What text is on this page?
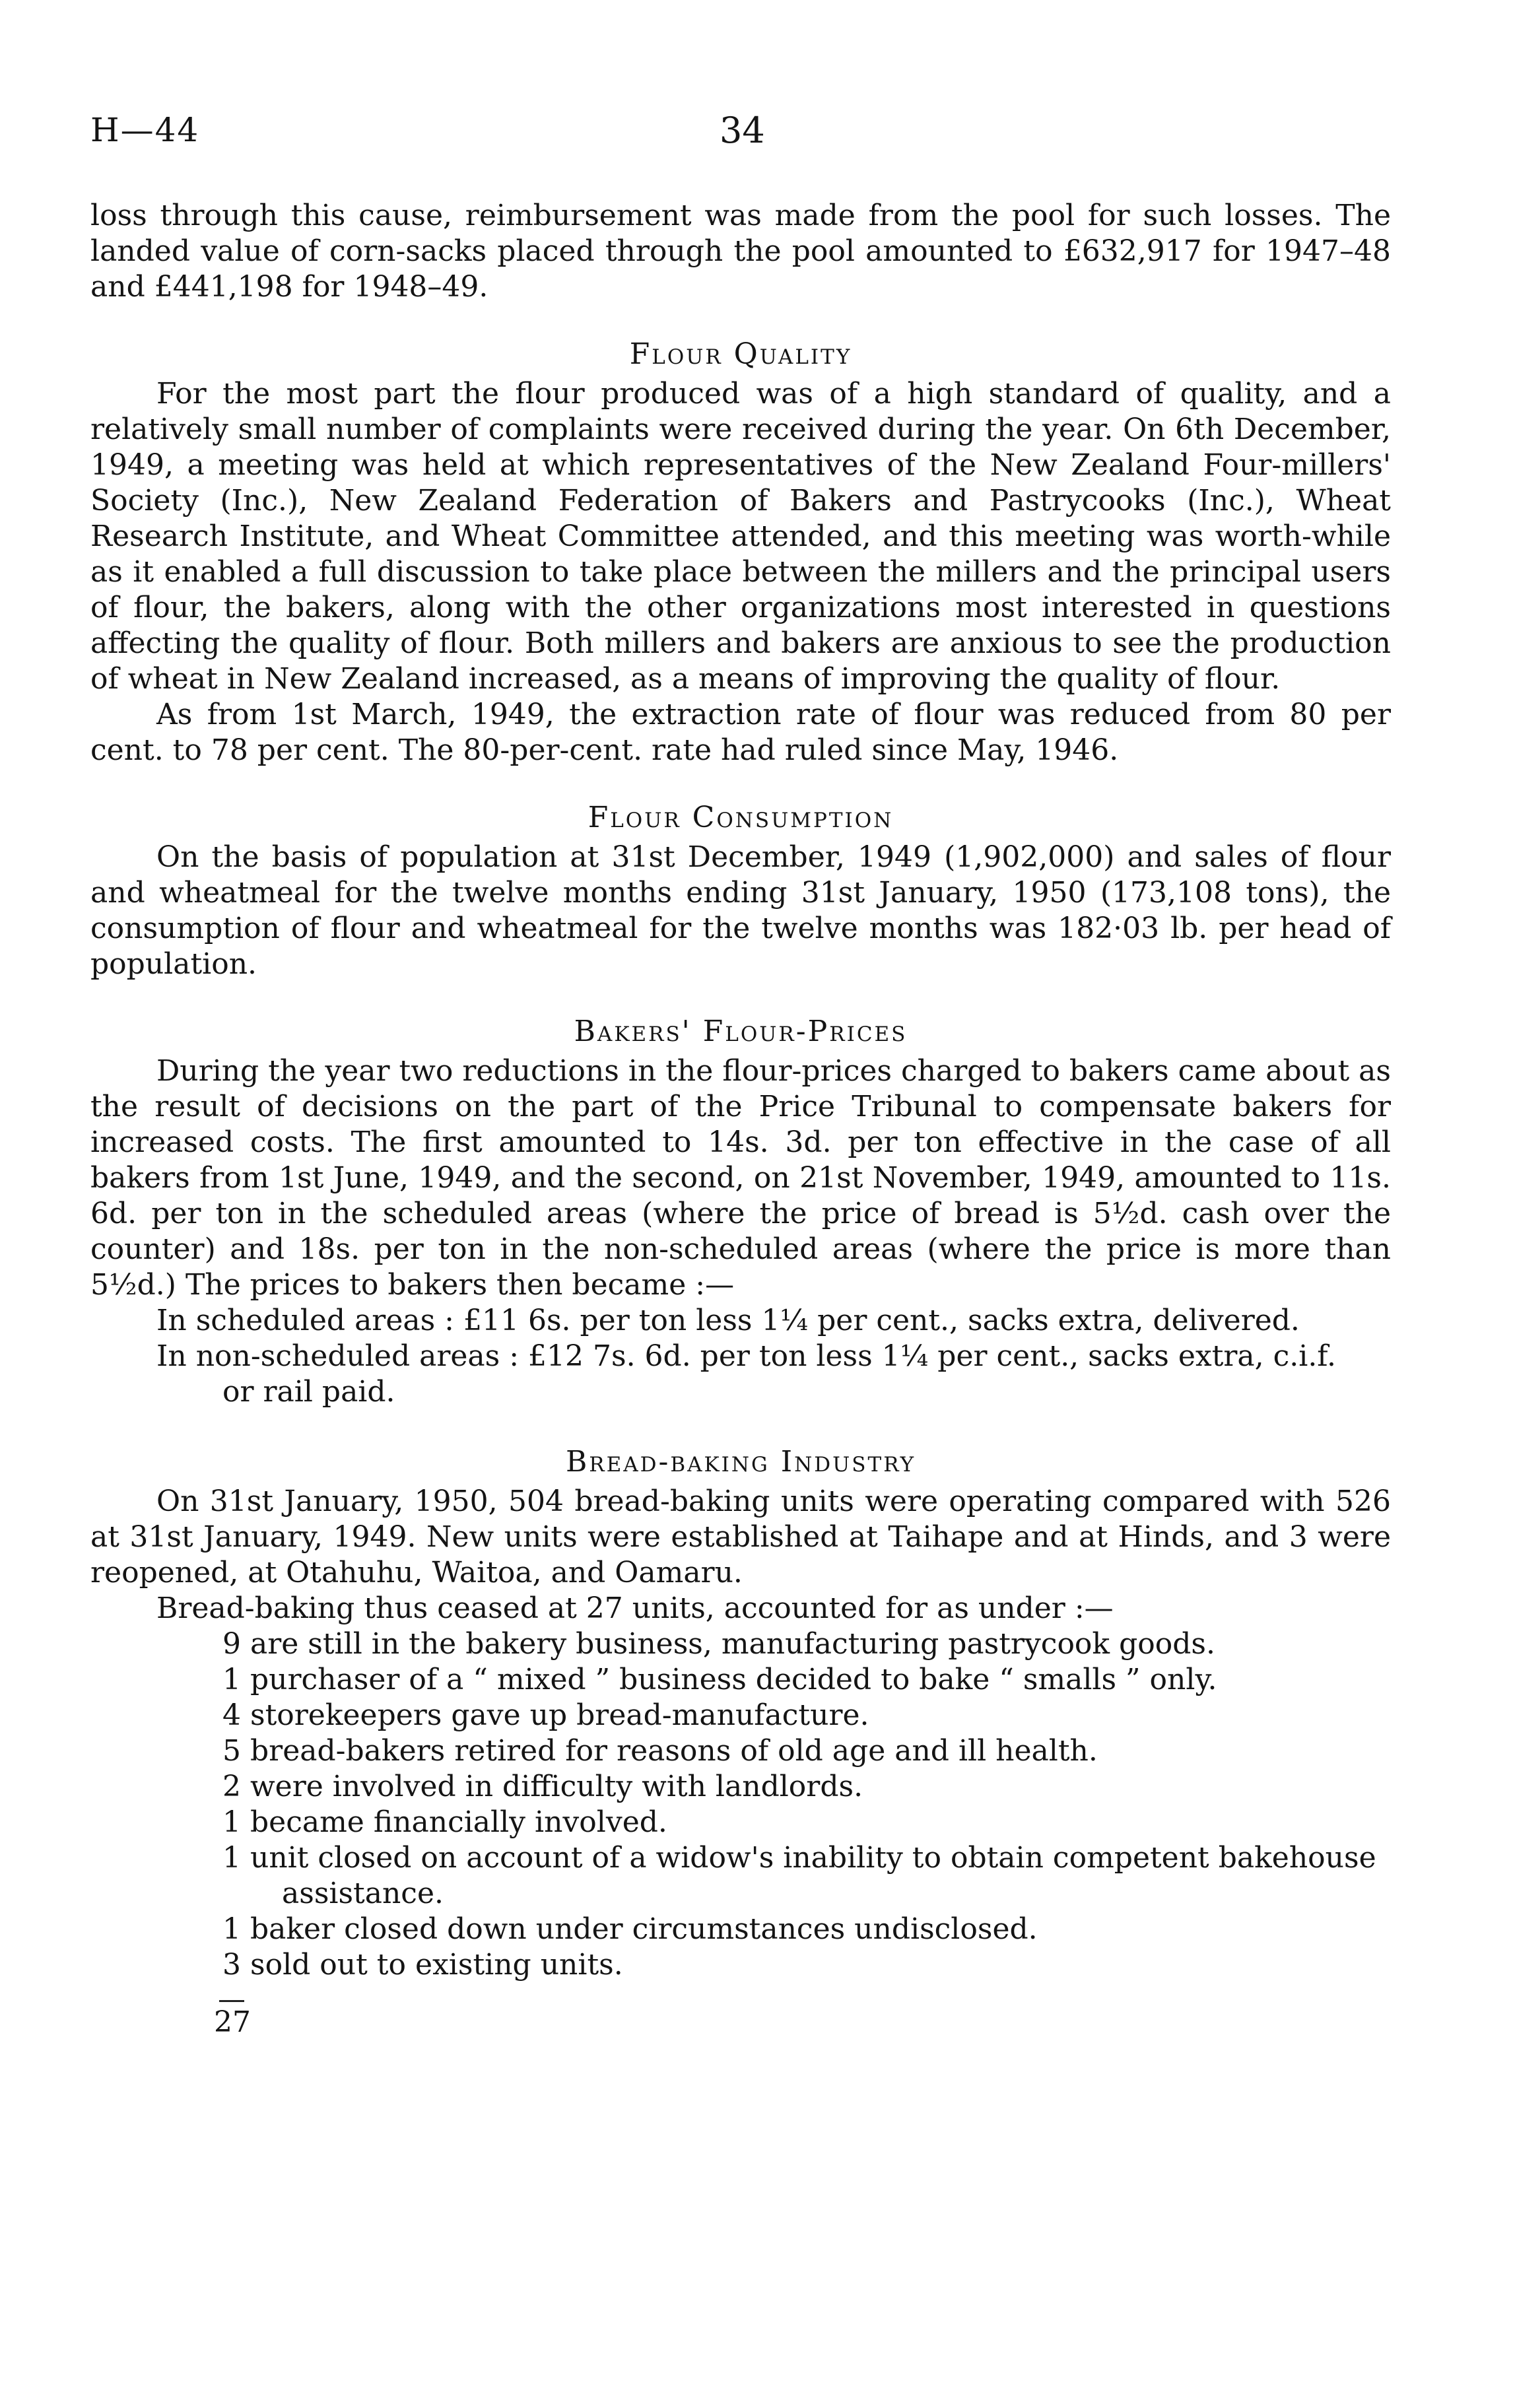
H—44	34

loss through this cause, reimbursement was made from the pool for such losses. The landed value of corn-sacks placed through the pool amounted to £632,917 for 1947–48 and £441,198 for 1948–49.

Flour Quality

For the most part the flour produced was of a high standard of quality, and a relatively small number of complaints were received during the year. On 6th December, 1949, a meeting was held at which representatives of the New Zealand Four-millers' Society (Inc.), New Zealand Federation of Bakers and Pastrycooks (Inc.), Wheat Research Institute, and Wheat Committee attended, and this meeting was worth-while as it enabled a full discussion to take place between the millers and the principal users of flour, the bakers, along with the other organizations most interested in questions affecting the quality of flour. Both millers and bakers are anxious to see the production of wheat in New Zealand increased, as a means of improving the quality of flour.

As from 1st March, 1949, the extraction rate of flour was reduced from 80 per cent. to 78 per cent. The 80-per-cent. rate had ruled since May, 1946.

Flour Consumption

On the basis of population at 31st December, 1949 (1,902,000) and sales of flour and wheatmeal for the twelve months ending 31st January, 1950 (173,108 tons), the consumption of flour and wheatmeal for the twelve months was 182·03 lb. per head of population.

Bakers' Flour-Prices

During the year two reductions in the flour-prices charged to bakers came about as the result of decisions on the part of the Price Tribunal to compensate bakers for increased costs. The first amounted to 14s. 3d. per ton effective in the case of all bakers from 1st June, 1949, and the second, on 21st November, 1949, amounted to 11s. 6d. per ton in the scheduled areas (where the price of bread is 5½d. cash over the counter) and 18s. per ton in the non-scheduled areas (where the price is more than 5½d.) The prices to bakers then became :—

In scheduled areas : £11 6s. per ton less 1¼ per cent., sacks extra, delivered.

In non-scheduled areas : £12 7s. 6d. per ton less 1¼ per cent., sacks extra, c.i.f.

or rail paid.

Bread-baking Industry

On 31st January, 1950, 504 bread-baking units were operating compared with 526 at 31st January, 1949. New units were established at Taihape and at Hinds, and 3 were reopened, at Otahuhu, Waitoa, and Oamaru.

Bread-baking thus ceased at 27 units, accounted for as under :—

9 are still in the bakery business, manufacturing pastrycook goods.
1 purchaser of a “ mixed ” business decided to bake “ smalls ” only.
4 storekeepers gave up bread-manufacture.
5 bread-bakers retired for reasons of old age and ill health.
2 were involved in difficulty with landlords.
1 became financially involved.
1 unit closed on account of a widow's inability to obtain competent bakehouse
assistance.
1 baker closed down under circumstances undisclosed.
3 sold out to existing units.
27
